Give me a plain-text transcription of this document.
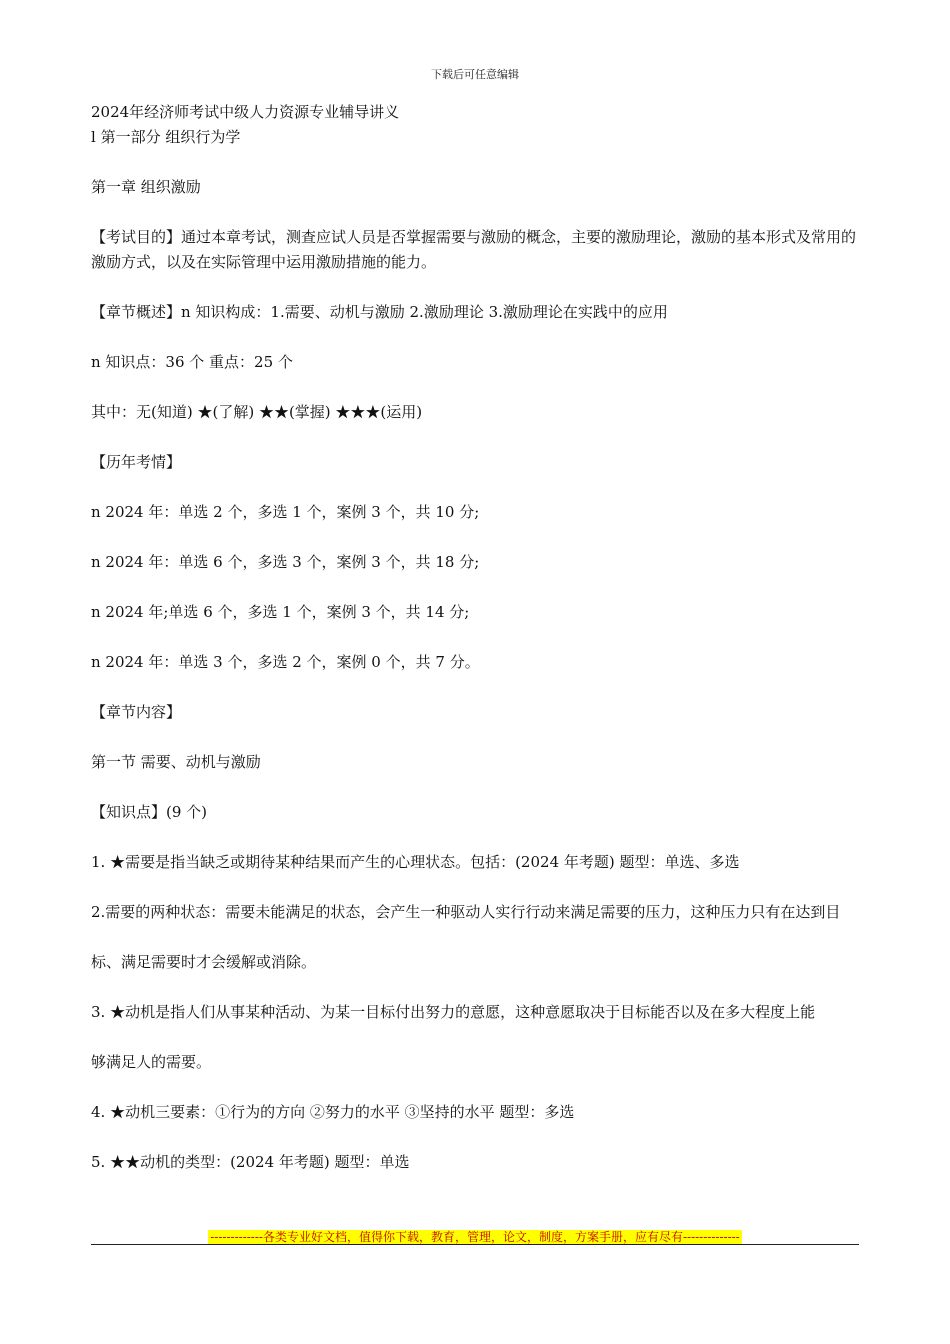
下载后可任意编辑

2024年经济师考试中级人力资源专业辅导讲义

l 第一部分 组织行为学

第一章 组织激励

【考试目的】通过本章考试，测查应试人员是否掌握需要与激励的概念，主要的激励理论，激励的基本形式及常用的激励方式，以及在实际管理中运用激励措施的能力。

【章节概述】n 知识构成：1.需要、动机与激励 2.激励理论 3.激励理论在实践中的应用

n 知识点：36 个 重点：25 个

其中：无(知道) ★(了解) ★★(掌握) ★★★(运用)

【历年考情】

n 2024 年：单选 2 个，多选 1 个，案例 3 个，共 10 分;

n 2024 年：单选 6 个，多选 3 个，案例 3 个，共 18 分;

n 2024 年;单选 6 个，多选 1 个，案例 3 个，共 14 分;

n 2024 年：单选 3 个，多选 2 个，案例 0 个，共 7 分。

【章节内容】

第一节 需要、动机与激励

【知识点】(9 个)

1. ★需要是指当缺乏或期待某种结果而产生的心理状态。包括：(2024 年考题) 题型：单选、多选

2.需要的两种状态：需要未能满足的状态，会产生一种驱动人实行行动来满足需要的压力，这种压力只有在达到目

标、满足需要时才会缓解或消除。

3. ★动机是指人们从事某种活动、为某一目标付出努力的意愿，这种意愿取决于目标能否以及在多大程度上能

够满足人的需要。

4. ★动机三要素：①行为的方向 ②努力的水平 ③坚持的水平 题型：多选

5. ★★动机的类型：(2024 年考题) 题型：单选

-------------各类专业好文档，值得你下载，教育，管理，论文，制度，方案手册，应有尽有--------------
